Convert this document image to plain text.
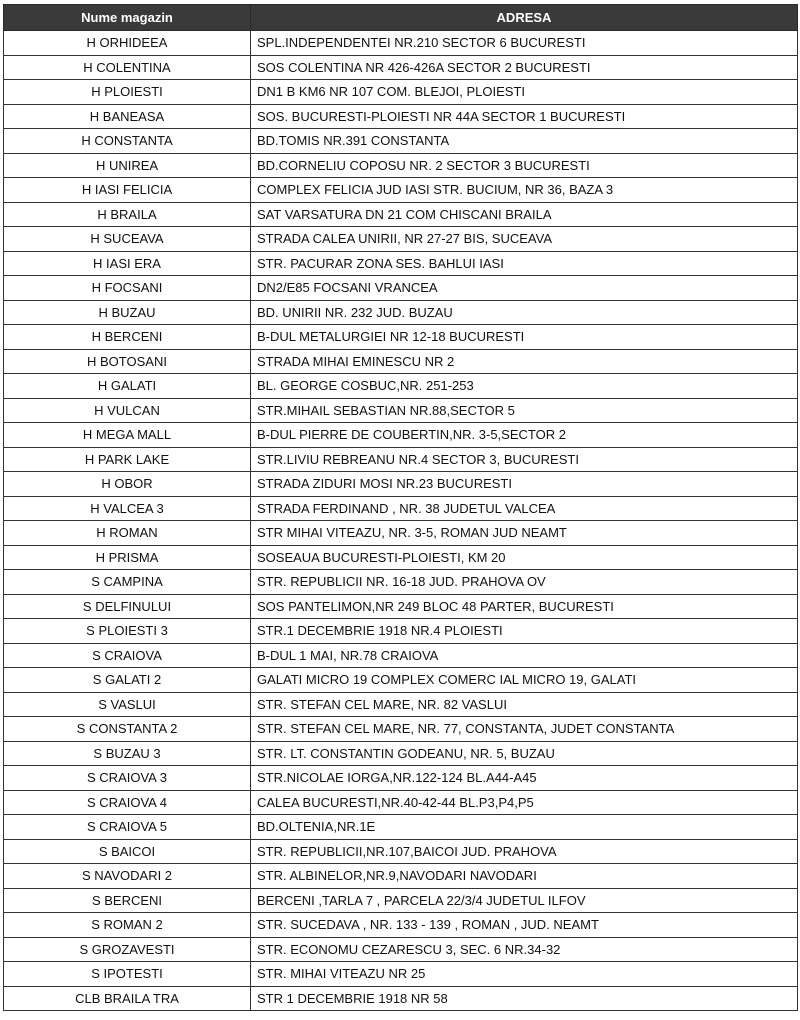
Nume magazin	ADRESA
H ORHIDEEA	SPL.INDEPENDENTEI NR.210 SECTOR 6 BUCURESTI
H COLENTINA	SOS COLENTINA NR 426-426A SECTOR 2 BUCURESTI
H PLOIESTI	DN1 B KM6 NR 107 COM. BLEJOI, PLOIESTI
H BANEASA	SOS. BUCURESTI-PLOIESTI NR 44A SECTOR 1 BUCURESTI
H CONSTANTA	BD.TOMIS NR.391 CONSTANTA
H UNIREA	BD.CORNELIU COPOSU NR. 2 SECTOR 3 BUCURESTI
H IASI FELICIA	COMPLEX FELICIA JUD IASI STR. BUCIUM, NR 36, BAZA 3
H BRAILA	SAT VARSATURA DN 21 COM CHISCANI BRAILA
H SUCEAVA	STRADA CALEA UNIRII, NR 27-27 BIS, SUCEAVA
H IASI ERA	STR. PACURAR ZONA SES. BAHLUI IASI
H FOCSANI	DN2/E85 FOCSANI VRANCEA
H BUZAU	BD. UNIRII NR. 232 JUD. BUZAU
H BERCENI	B-DUL METALURGIEI NR 12-18 BUCURESTI
H BOTOSANI	STRADA MIHAI EMINESCU NR 2
H GALATI	BL. GEORGE COSBUC,NR. 251-253
H VULCAN	STR.MIHAIL SEBASTIAN NR.88,SECTOR 5
H MEGA MALL	B-DUL PIERRE DE COUBERTIN,NR. 3-5,SECTOR 2
H PARK LAKE	STR.LIVIU REBREANU NR.4 SECTOR 3, BUCURESTI
H OBOR	STRADA ZIDURI MOSI NR.23 BUCURESTI
H VALCEA 3	STRADA FERDINAND , NR. 38 JUDETUL VALCEA
H ROMAN	STR MIHAI VITEAZU, NR. 3-5, ROMAN JUD NEAMT
H PRISMA	SOSEAUA BUCURESTI-PLOIESTI, KM 20
S CAMPINA	STR. REPUBLICII NR. 16-18 JUD. PRAHOVA OV
S DELFINULUI	SOS PANTELIMON,NR 249 BLOC 48 PARTER, BUCURESTI
S PLOIESTI 3	STR.1 DECEMBRIE 1918 NR.4 PLOIESTI
S CRAIOVA	B-DUL 1 MAI, NR.78 CRAIOVA
S GALATI 2	GALATI MICRO 19 COMPLEX COMERC IAL MICRO 19, GALATI
S VASLUI	STR. STEFAN CEL MARE, NR. 82 VASLUI
S CONSTANTA 2	STR. STEFAN CEL MARE, NR. 77, CONSTANTA, JUDET CONSTANTA
S BUZAU 3	STR. LT. CONSTANTIN GODEANU, NR. 5, BUZAU
S CRAIOVA 3	STR.NICOLAE IORGA,NR.122-124 BL.A44-A45
S CRAIOVA 4	CALEA BUCURESTI,NR.40-42-44 BL.P3,P4,P5
S CRAIOVA 5	BD.OLTENIA,NR.1E
S BAICOI	STR. REPUBLICII,NR.107,BAICOI JUD. PRAHOVA
S NAVODARI 2	STR. ALBINELOR,NR.9,NAVODARI NAVODARI
S BERCENI	BERCENI ,TARLA 7 , PARCELA 22/3/4 JUDETUL ILFOV
S ROMAN 2	STR. SUCEDAVA , NR. 133 - 139 , ROMAN , JUD. NEAMT
S GROZAVESTI	STR. ECONOMU CEZARESCU 3, SEC. 6 NR.34-32
S IPOTESTI	STR. MIHAI VITEAZU NR 25
CLB BRAILA TRA	STR 1 DECEMBRIE 1918 NR 58
